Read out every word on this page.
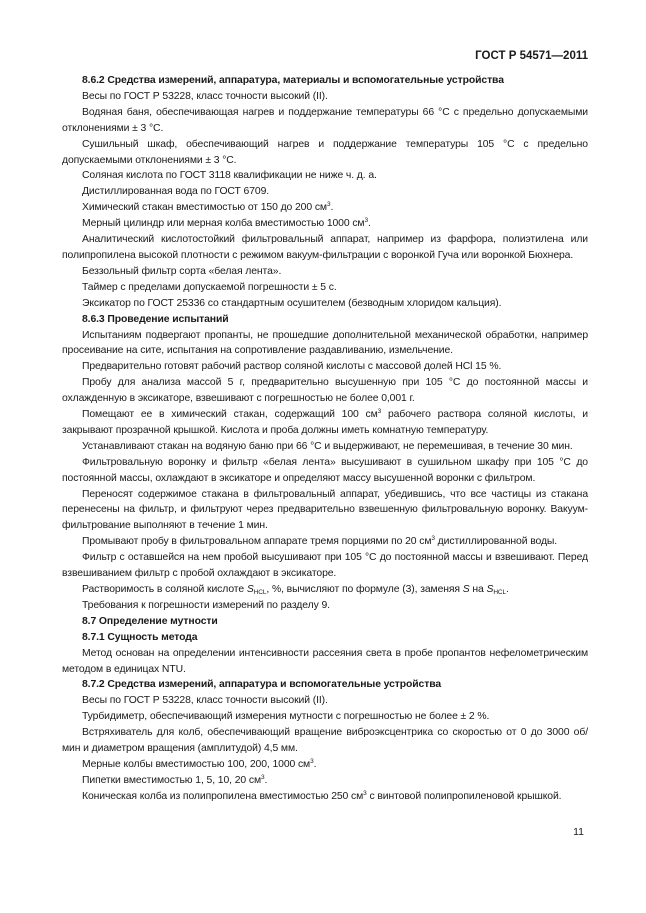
ГОСТ Р 54571—2011

8.6.2 Средства измерений, аппаратура, материалы и вспомогательные устройства

Весы по ГОСТ Р 53228, класс точности высокий (II).

Водяная баня, обеспечивающая нагрев и поддержание температуры 66 °С с предельно допускаемыми отклонениями ± 3 °С.

Сушильный шкаф, обеспечивающий нагрев и поддержание температуры 105 °С с предельно допускаемыми отклонениями ± 3 °С.

Соляная кислота по ГОСТ 3118 квалификации не ниже ч. д. а.

Дистиллированная вода по ГОСТ 6709.

Химический стакан вместимостью от 150 до 200 $см^3$.

Мерный цилиндр или мерная колба вместимостью 1000 $см^3$.

Аналитический кислотостойкий фильтровальный аппарат, например из фарфора, полиэтилена или полипропилена высокой плотности с режимом вакуум-фильтрации с воронкой Гуча или воронкой Бюхнера.

Беззольный фильтр сорта «белая лента».

Таймер с пределами допускаемой погрешности ± 5 с.

Эксикатор по ГОСТ 25336 со стандартным осушителем (безводным хлоридом кальция).

8.6.3 Проведение испытаний

Испытаниям подвергают пропанты, не прошедшие дополнительной механической обработки, например просеивание на сите, испытания на сопротивление раздавливанию, измельчение.

Предварительно готовят рабочий раствор соляной кислоты с массовой долей HCl 15 %.

Пробу для анализа массой 5 г, предварительно высушенную при 105 °С до постоянной массы и охлажденную в эксикаторе, взвешивают с погрешностью не более 0,001 г.

Помещают ее в химический стакан, содержащий 100 $см^3$ рабочего раствора соляной кислоты, и закрывают прозрачной крышкой. Кислота и проба должны иметь комнатную температуру.

Устанавливают стакан на водяную баню при 66 °С и выдерживают, не перемешивая, в течение 30 мин.

Фильтровальную воронку и фильтр «белая лента» высушивают в сушильном шкафу при 105 °С до постоянной массы, охлаждают в эксикаторе и определяют массу высушенной воронки с фильтром.

Переносят содержимое стакана в фильтровальный аппарат, убедившись, что все частицы из стакана перенесены на фильтр, и фильтруют через предварительно взвешенную фильтровальную воронку. Вакуум-фильтрование выполняют в течение 1 мин.

Промывают пробу в фильтровальном аппарате тремя порциями по 20 $см^3$ дистиллированной воды.

Фильтр с оставшейся на нем пробой высушивают при 105 °С до постоянной массы и взвешивают. Перед взвешиванием фильтр с пробой охлаждают в эксикаторе.

Растворимость в соляной кислоте $S_{HCL}$, %, вычисляют по формуле (3), заменяя S на $S_{HCL}$.

Требования к погрешности измерений по разделу 9.

8.7 Определение мутности

8.7.1 Сущность метода

Метод основан на определении интенсивности рассеяния света в пробе пропантов нефелометрическим методом в единицах NTU.

8.7.2 Средства измерений, аппаратура и вспомогательные устройства

Весы по ГОСТ Р 53228, класс точности высокий (II).

Турбидиметр, обеспечивающий измерения мутности с погрешностью не более ± 2 %.

Встряхиватель для колб, обеспечивающий вращение виброэксцентрика со скоростью от 0 до 3000 об/мин и диаметром вращения (амплитудой) 4,5 мм.

Мерные колбы вместимостью 100, 200, 1000 $см^3$.

Пипетки вместимостью 1, 5, 10, 20 $см^3$.

Коническая колба из полипропилена вместимостью 250 $см^3$ с винтовой полипропиленовой крышкой.

11
